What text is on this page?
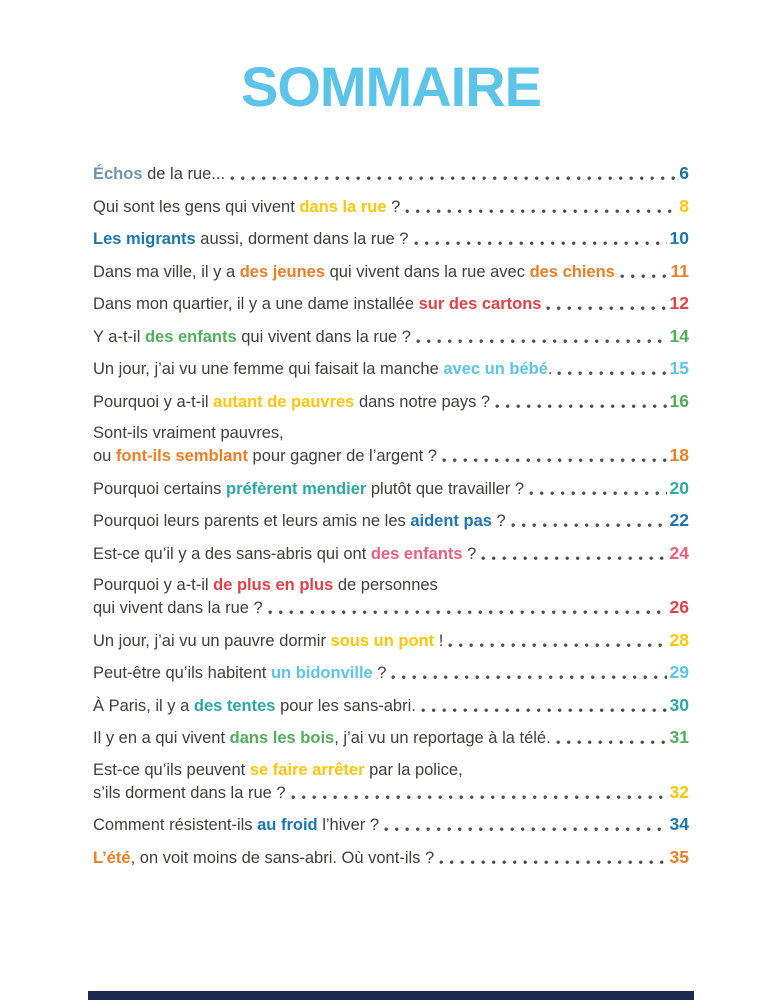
SOMMAIRE
Échos de la rue...	6
Qui sont les gens qui vivent dans la rue ?	8
Les migrants aussi, dorment dans la rue ?	10
Dans ma ville, il y a des jeunes qui vivent dans la rue avec des chiens	11
Dans mon quartier, il y a une dame installée sur des cartons	12
Y a-t-il des enfants qui vivent dans la rue ?	14
Un jour, j’ai vu une femme qui faisait la manche avec un bébé.	15
Pourquoi y a-t-il autant de pauvres dans notre pays ?	16
Sont-ils vraiment pauvres,
ou font-ils semblant pour gagner de l’argent ?	18
Pourquoi certains préfèrent mendier plutôt que travailler ?	20
Pourquoi leurs parents et leurs amis ne les aident pas ?	22
Est-ce qu’il y a des sans-abris qui ont des enfants ?	24
Pourquoi y a-t-il de plus en plus de personnes
qui vivent dans la rue ?	26
Un jour, j’ai vu un pauvre dormir sous un pont !	28
Peut-être qu’ils habitent un bidonville ?	29
À Paris, il y a des tentes pour les sans-abri.	30
Il y en a qui vivent dans les bois, j’ai vu un reportage à la télé.	31
Est-ce qu’ils peuvent se faire arrêter par la police,
s’ils dorment dans la rue ?	32
Comment résistent-ils au froid l’hiver ?	34
L’été, on voit moins de sans-abri. Où vont-ils ?	35
